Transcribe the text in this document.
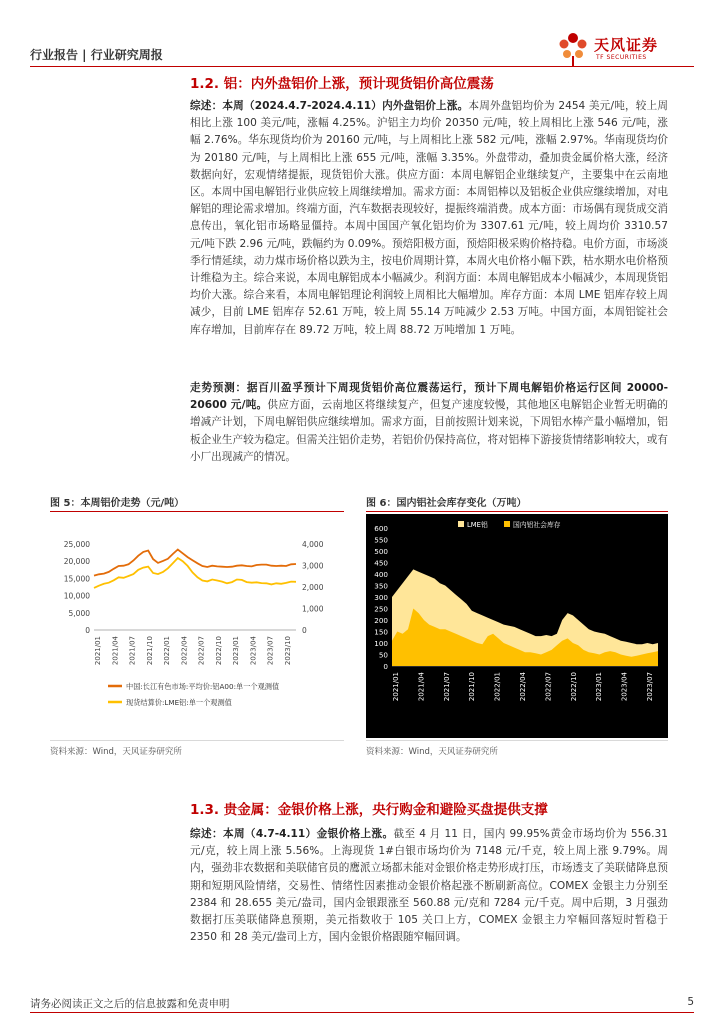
行业报告 | 行业研究周报
天风证券
TF SECURITIES
1.2. 铝：内外盘铝价上涨，预计现货铝价高位震荡
综述：本周（2024.4.7-2024.4.11）内外盘铝价上涨。本周外盘铝均价为 2454 美元/吨，较上周相比上涨 100 美元/吨，涨幅 4.25%。沪铝主力均价 20350 元/吨，较上周相比上涨 546 元/吨，涨幅 2.76%。华东现货均价为 20160 元/吨，与上周相比上涨 582 元/吨，涨幅 2.97%。华南现货均价为 20180 元/吨，与上周相比上涨 655 元/吨，涨幅 3.35%。外盘带动，叠加贵金属价格大涨，经济数据向好，宏观情绪提振，现货铝价大涨。供应方面：本周电解铝企业继续复产，主要集中在云南地区。本周中国电解铝行业供应较上周继续增加。需求方面：本周铝棒以及铝板企业供应继续增加，对电解铝的理论需求增加。终端方面，汽车数据表现较好，提振终端消费。成本方面：市场偶有现货成交消息传出，氧化铝市场略显僵持。本周中国国产氧化铝均价为 3307.61 元/吨，较上周均价 3310.57 元/吨下跌 2.96 元/吨，跌幅约为 0.09%。预焙阳极方面，预焙阳极采购价格持稳。电价方面，市场淡季行情延续，动力煤市场价格以跌为主，按电价周期计算，本周火电价格小幅下跌，枯水期水电价格预计维稳为主。综合来说，本周电解铝成本小幅减少。利润方面：本周电解铝成本小幅减少，本周现货铝均价大涨。综合来看，本周电解铝理论利润较上周相比大幅增加。库存方面：本周 LME 铝库存较上周减少，目前 LME 铝库存 52.61 万吨，较上周 55.14 万吨减少 2.53 万吨。中国方面，本周铝锭社会库存增加，目前库存在 89.72 万吨，较上周 88.72 万吨增加 1 万吨。
走势预测：据百川盈孚预计下周现货铝价高位震荡运行，预计下周电解铝价格运行区间 20000-20600 元/吨。供应方面，云南地区将继续复产，但复产速度较慢，其他地区电解铝企业暂无明确的增减产计划，下周电解铝供应继续增加。需求方面，目前按照计划来说，下周铝水棒产量小幅增加，铝板企业生产较为稳定。但需关注铝价走势，若铝价仍保持高位，将对铝棒下游接货情绪影响较大，或有小厂出现减产的情况。
图 5：本周铝价走势（元/吨）
0
5,000
10,000
15,000
20,000
25,000
0
1,000
2,000
3,000
4,000
2021/01 2021/04 2021/07 2021/10 2022/01 2022/04 2022/07 2022/10 2023/01 2023/04 2023/07 2023/10
中国:长江有色市场:平均价:铝A00:单一个观测值
现货结算价:LME铝:单一个观测值
资料来源：Wind，天风证券研究所
图 6：国内铝社会库存变化（万吨）
0
50
100
150
200
250
300
350
400
450
500
550
600
2021/01 2021/04 2021/07 2021/10 2022/01 2022/04 2022/07 2022/10 2023/01 2023/04 2023/07
LME铝	国内铝社会库存
资料来源：Wind，天风证券研究所
1.3. 贵金属：金银价格上涨，央行购金和避险买盘提供支撑
综述：本周（4.7-4.11）金银价格上涨。截至 4 月 11 日，国内 99.95%黄金市场均价为 556.31 元/克，较上周上涨 5.56%。上海现货 1#白银市场均价为 7148 元/千克，较上周上涨 9.79%。周内，强劲非农数据和美联储官员的鹰派立场都未能对金银价格走势形成打压，市场透支了美联储降息预期和短期风险情绪，交易性、情绪性因素推动金银价格起涨不断刷新高位。COMEX 金银主力分别至 2384 和 28.655 美元/盎司，国内金银跟涨至 560.88 元/克和 7284 元/千克。周中后期，3 月强劲数据打压美联储降息预期，美元指数收于 105 关口上方，COMEX 金银主力窄幅回落短时暂稳于 2350 和 28 美元/盎司上方，国内金银价格跟随窄幅回调。
请务必阅读正文之后的信息披露和免责申明	5
